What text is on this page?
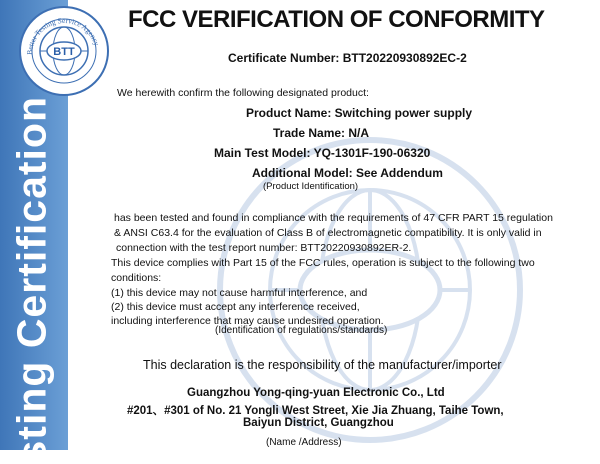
sting Certification
BTT
Better Testing Service Agency
FCC VERIFICATION OF CONFORMITY
Certificate Number: BTT20220930892EC-2
We herewith confirm the following designated product:
Product Name: Switching power supply
Trade Name: N/A
Main Test Model: YQ-1301F-190-06320
Additional Model: See Addendum
(Product Identification)
has been tested and found in compliance with the requirements of 47 CFR PART 15 regulation
& ANSI C63.4 for the evaluation of Class B of electromagnetic compatibility. It is only valid in
connection with the test report number: BTT20220930892ER-2.
This device complies with Part 15 of the FCC rules, operation is subject to the following two
conditions:
(1) this device may not cause harmful interference, and
(2) this device must accept any interference received,
including interference that may cause undesired operation.
(Identification of regulations/standards)
This declaration is the responsibility of the manufacturer/importer
Guangzhou Yong-qing-yuan Electronic Co., Ltd
#201、#301 of No. 21 Yongli West Street, Xie Jia Zhuang, Taihe Town,
Baiyun District, Guangzhou
(Name /Address)
